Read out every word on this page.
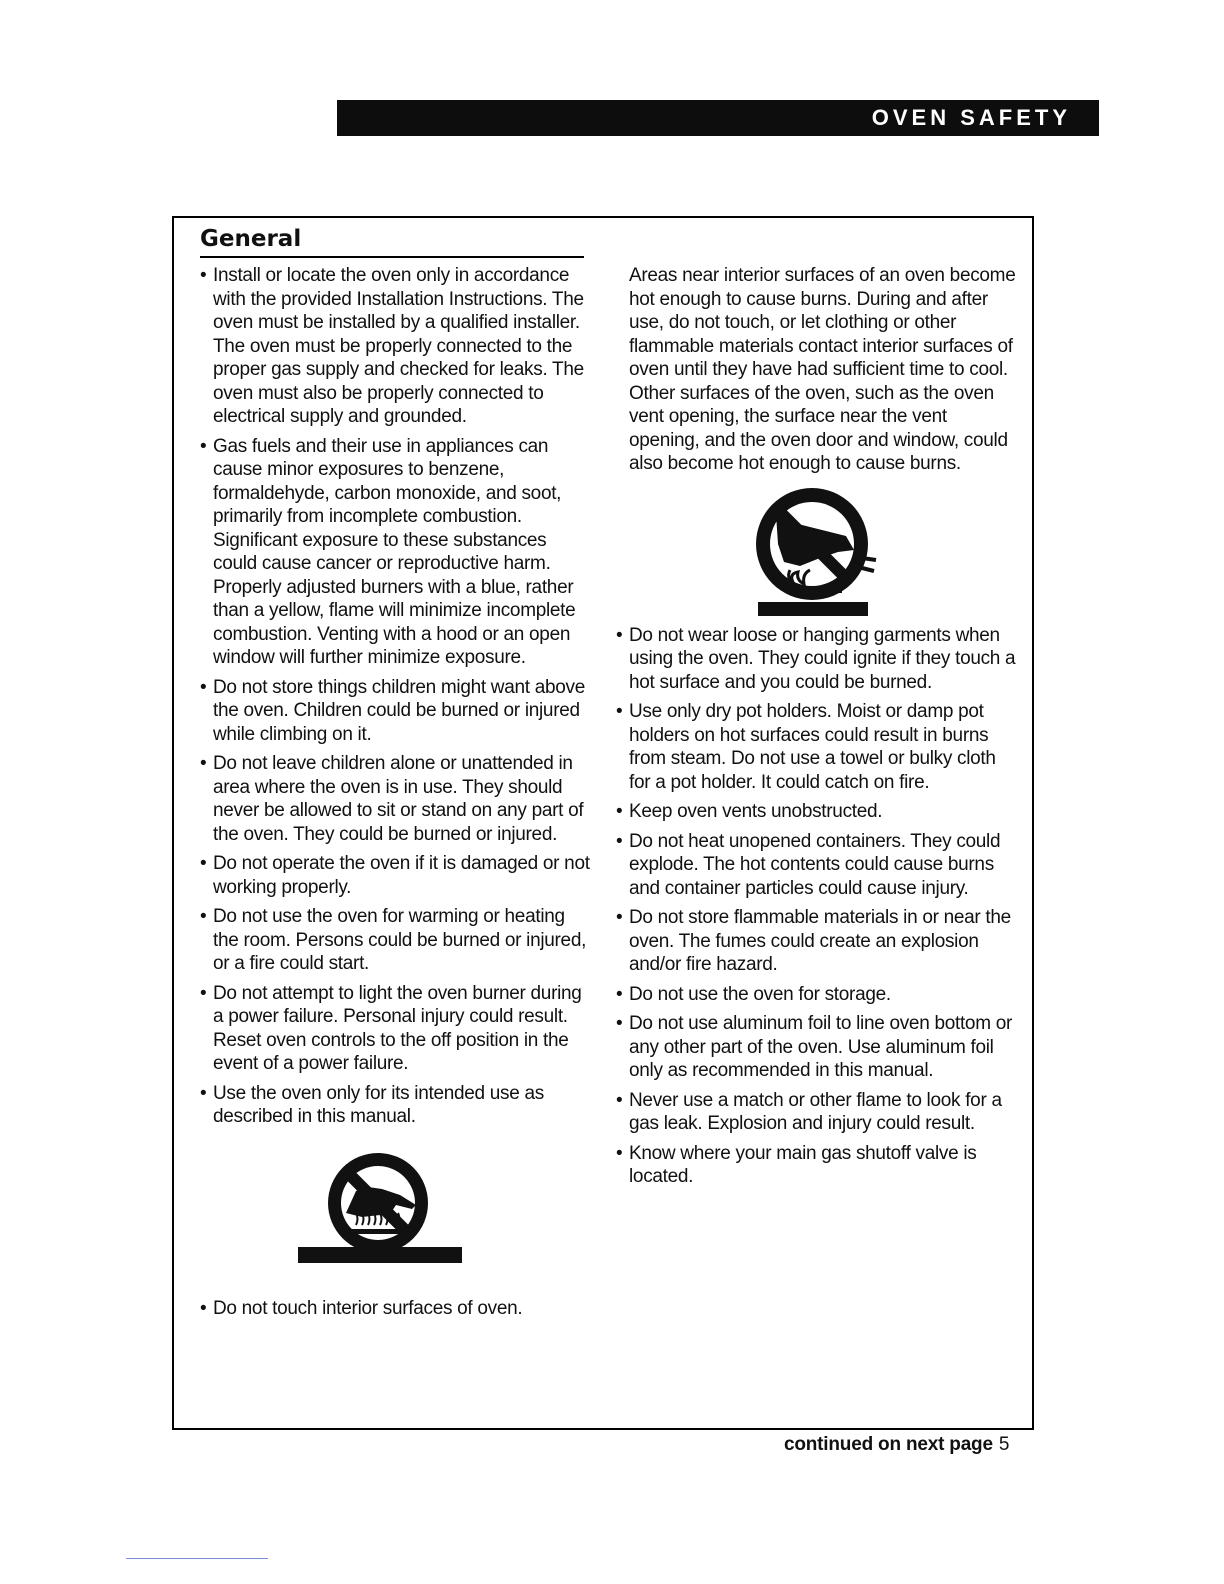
OVEN SAFETY
General
• Install or locate the oven only in accordance with the provided Installation Instructions. The oven must be installed by a qualified installer. The oven must be properly connected to the proper gas supply and checked for leaks. The oven must also be properly connected to electrical supply and grounded.
• Gas fuels and their use in appliances can cause minor exposures to benzene, formaldehyde, carbon monoxide, and soot, primarily from incomplete combustion. Significant exposure to these substances could cause cancer or reproductive harm. Properly adjusted burners with a blue, rather than a yellow, flame will minimize incomplete combustion. Venting with a hood or an open window will further minimize exposure.
• Do not store things children might want above the oven. Children could be burned or injured while climbing on it.
• Do not leave children alone or unattended in area where the oven is in use. They should never be allowed to sit or stand on any part of the oven. They could be burned or injured.
• Do not operate the oven if it is damaged or not working properly.
• Do not use the oven for warming or heating the room. Persons could be burned or injured, or a fire could start.
• Do not attempt to light the oven burner during a power failure. Personal injury could result. Reset oven controls to the off position in the event of a power failure.
• Use the oven only for its intended use as described in this manual.
• Do not touch interior surfaces of oven.

Areas near interior surfaces of an oven become hot enough to cause burns. During and after use, do not touch, or let clothing or other flammable materials contact interior surfaces of oven until they have had sufficient time to cool. Other surfaces of the oven, such as the oven vent opening, the surface near the vent opening, and the oven door and window, could also become hot enough to cause burns.

• Do not wear loose or hanging garments when using the oven. They could ignite if they touch a hot surface and you could be burned.
• Use only dry pot holders. Moist or damp pot holders on hot surfaces could result in burns from steam. Do not use a towel or bulky cloth for a pot holder. It could catch on fire.
• Keep oven vents unobstructed.
• Do not heat unopened containers. They could explode. The hot contents could cause burns and container particles could cause injury.
• Do not store flammable materials in or near the oven. The fumes could create an explosion and/or fire hazard.
• Do not use the oven for storage.
• Do not use aluminum foil to line oven bottom or any other part of the oven. Use aluminum foil only as recommended in this manual.
• Never use a match or other flame to look for a gas leak. Explosion and injury could result.
• Know where your main gas shutoff valve is located.
continued on next page 5
